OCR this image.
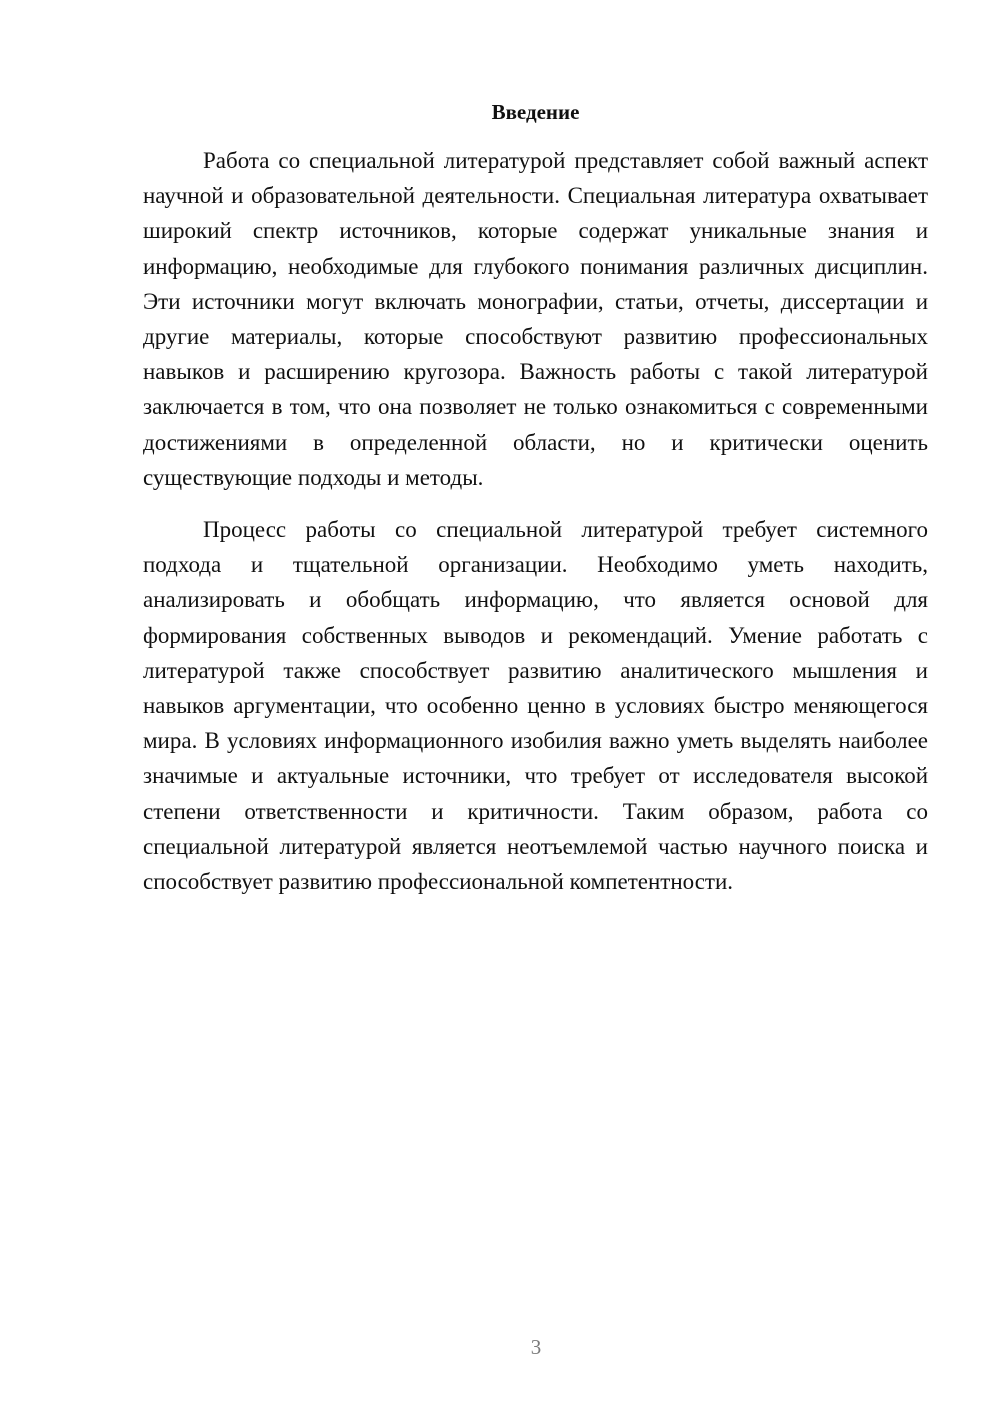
Введение

Работа со специальной литературой представляет собой важный аспект научной и образовательной деятельности. Специальная литература охватывает широкий спектр источников, которые содержат уникальные знания и информацию, необходимые для глубокого понимания различных дисциплин. Эти источники могут включать монографии, статьи, отчеты, диссертации и другие материалы, которые способствуют развитию профессиональных навыков и расширению кругозора. Важность работы с такой литературой заключается в том, что она позволяет не только ознакомиться с современными достижениями в определенной области, но и критически оценить существующие подходы и методы.

Процесс работы со специальной литературой требует системного подхода и тщательной организации. Необходимо уметь находить, анализировать и обобщать информацию, что является основой для формирования собственных выводов и рекомендаций. Умение работать с литературой также способствует развитию аналитического мышления и навыков аргументации, что особенно ценно в условиях быстро меняющегося мира. В условиях информационного изобилия важно уметь выделять наиболее значимые и актуальные источники, что требует от исследователя высокой степени ответственности и критичности. Таким образом, работа со специальной литературой является неотъемлемой частью научного поиска и способствует развитию профессиональной компетентности.

3
